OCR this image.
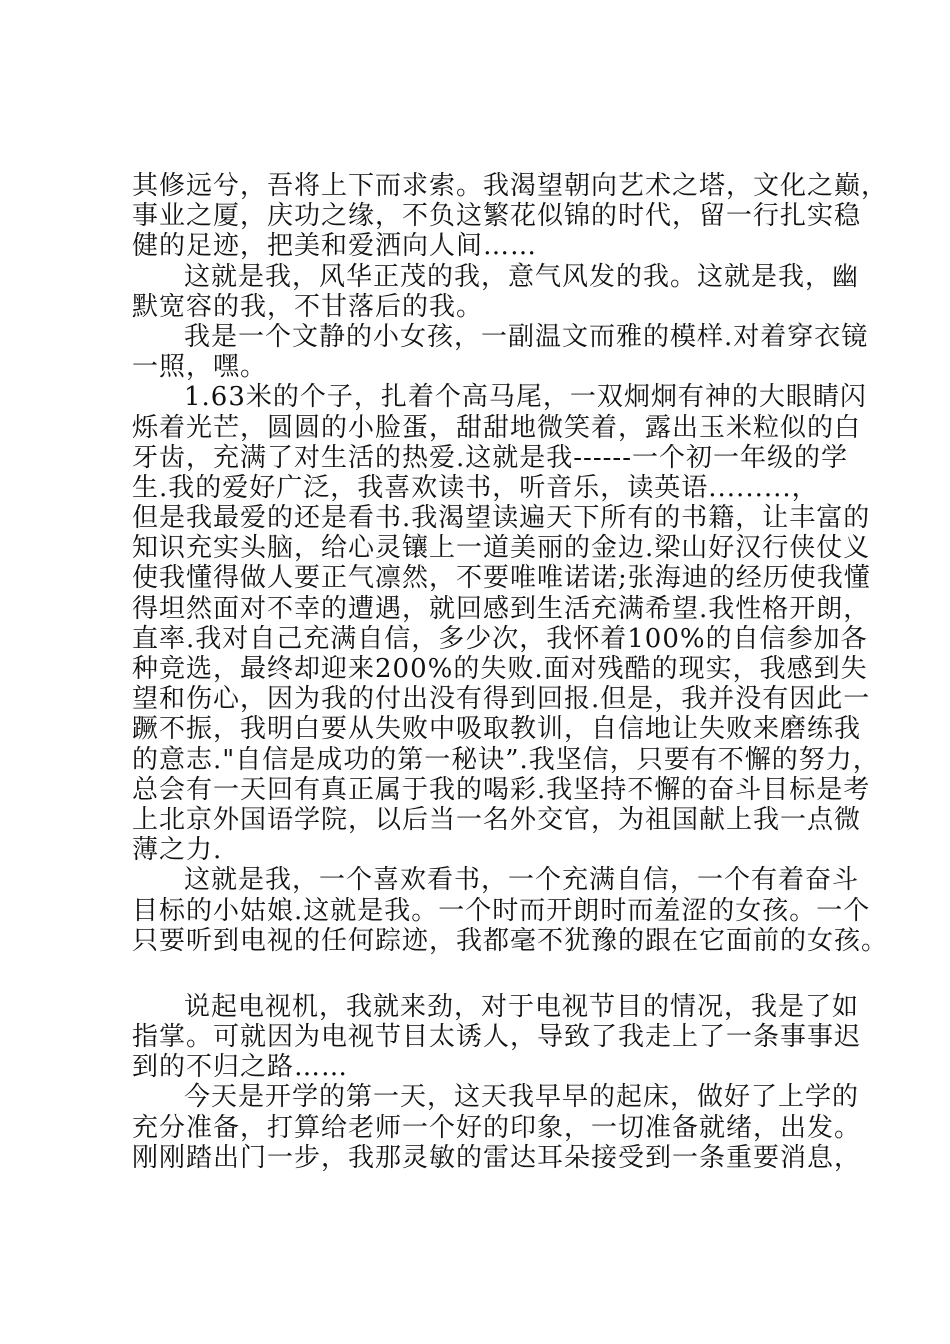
其修远兮，吾将上下而求索。我渴望朝向艺术之塔，文化之巅，
事业之厦，庆功之缘，不负这繁花似锦的时代，留一行扎实稳
健的足迹，把美和爱洒向人间……
这就是我，风华正茂的我，意气风发的我。这就是我，幽
默宽容的我，不甘落后的我。
我是一个文静的小女孩，一副温文而雅的模样.对着穿衣镜
一照，嘿。
1.63米的个子，扎着个高马尾，一双炯炯有神的大眼睛闪
烁着光芒，圆圆的小脸蛋，甜甜地微笑着，露出玉米粒似的白
牙齿，充满了对生活的热爱.这就是我------一个初一年级的学
生.我的爱好广泛，我喜欢读书，听音乐，读英语.........，
但是我最爱的还是看书.我渴望读遍天下所有的书籍，让丰富的
知识充实头脑，给心灵镶上一道美丽的金边.梁山好汉行侠仗义
使我懂得做人要正气凛然，不要唯唯诺诺;张海迪的经历使我懂
得坦然面对不幸的遭遇，就回感到生活充满希望.我性格开朗，
直率.我对自己充满自信，多少次，我怀着100%的自信参加各
种竞选，最终却迎来200%的失败.面对残酷的现实，我感到失
望和伤心，因为我的付出没有得到回报.但是，我并没有因此一
蹶不振，我明白要从失败中吸取教训，自信地让失败来磨练我
的意志."自信是成功的第一秘诀”.我坚信，只要有不懈的努力，
总会有一天回有真正属于我的喝彩.我坚持不懈的奋斗目标是考
上北京外国语学院，以后当一名外交官，为祖国献上我一点微
薄之力.
这就是我，一个喜欢看书，一个充满自信，一个有着奋斗
目标的小姑娘.这就是我。一个时而开朗时而羞涩的女孩。一个
只要听到电视的任何踪迹，我都毫不犹豫的跟在它面前的女孩。
说起电视机，我就来劲，对于电视节目的情况，我是了如
指掌。可就因为电视节目太诱人，导致了我走上了一条事事迟
到的不归之路……
今天是开学的第一天，这天我早早的起床，做好了上学的
充分准备，打算给老师一个好的印象，一切准备就绪，出发。
刚刚踏出门一步，我那灵敏的雷达耳朵接受到一条重要消息，
